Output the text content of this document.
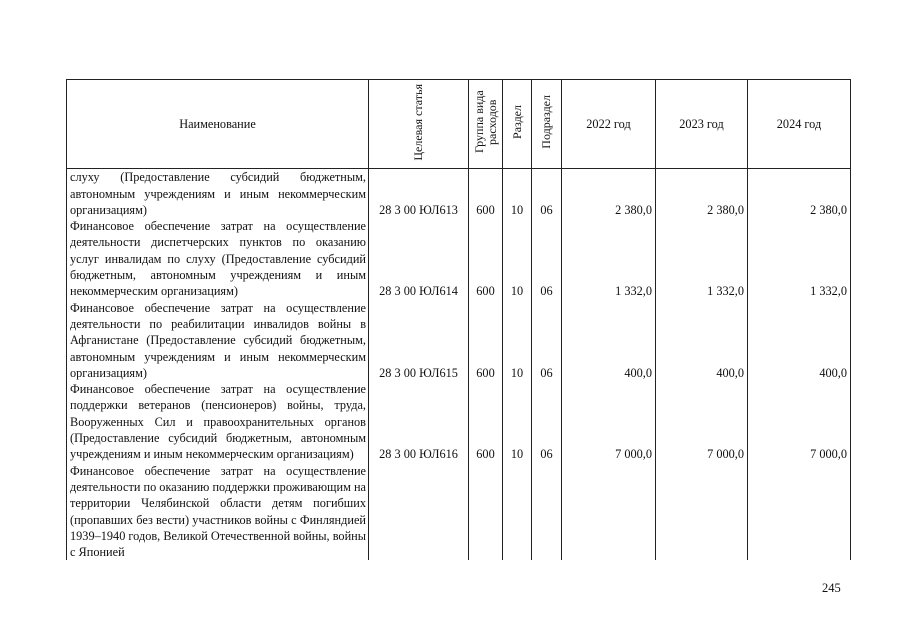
Наименование	Целевая статья	Группа вида расходов	Раздел	Подраздел	2022 год	2023 год	2024 год
слуху (Предоставление субсидий бюджетным, автономным учреждениям и иным некоммерческим организациям)	28 3 00 ЮЛ613	600	10	06	2 380,0	2 380,0	2 380,0
Финансовое обеспечение затрат на осуществление деятельности диспетчерских пунктов по оказанию услуг инвалидам по слуху (Предоставление субсидий бюджетным, автономным учреждениям и иным некоммерческим организациям)	28 3 00 ЮЛ614	600	10	06	1 332,0	1 332,0	1 332,0
Финансовое обеспечение затрат на осуществление деятельности по реабилитации инвалидов войны в Афганистане (Предоставление субсидий бюджетным, автономным учреждениям и иным некоммерческим организациям)	28 3 00 ЮЛ615	600	10	06	400,0	400,0	400,0
Финансовое обеспечение затрат на осуществление поддержки ветеранов (пенсионеров) войны, труда, Вооруженных Сил и правоохранительных органов (Предоставление субсидий бюджетным, автономным учреждениям и иным некоммерческим организациям)	28 3 00 ЮЛ616	600	10	06	7 000,0	7 000,0	7 000,0
Финансовое обеспечение затрат на осуществление деятельности по оказанию поддержки проживающим на территории Челябинской области детям погибших (пропавших без вести) участников войны с Финляндией 1939–1940 годов, Великой Отечественной войны, войны с Японией							
245
